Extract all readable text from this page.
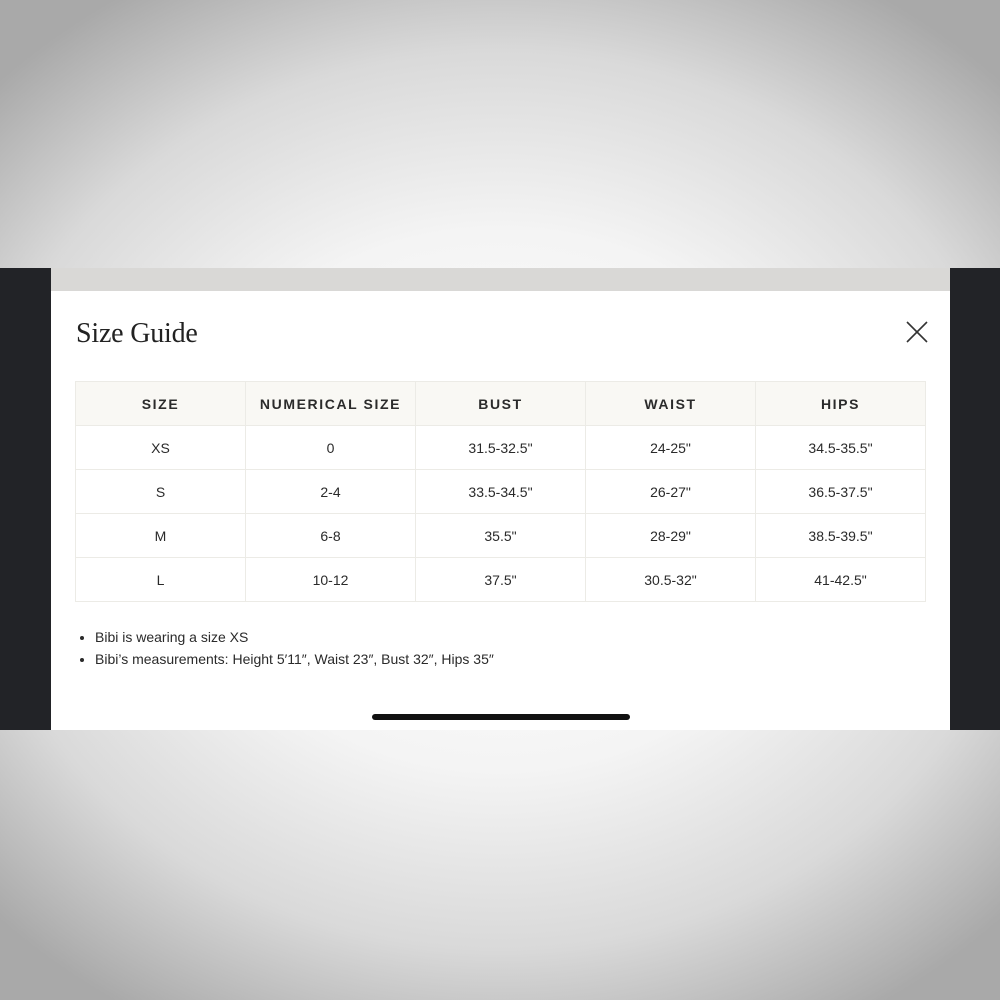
Size Guide
SIZE	NUMERICAL SIZE	BUST	WAIST	HIPS
XS	0	31.5-32.5"	24-25"	34.5-35.5"
S	2-4	33.5-34.5"	26-27"	36.5-37.5"
M	6-8	35.5"	28-29"	38.5-39.5"
L	10-12	37.5"	30.5-32"	41-42.5"
• Bibi is wearing a size XS
• Bibi’s measurements: Height 5′11″, Waist 23″, Bust 32″, Hips 35″
